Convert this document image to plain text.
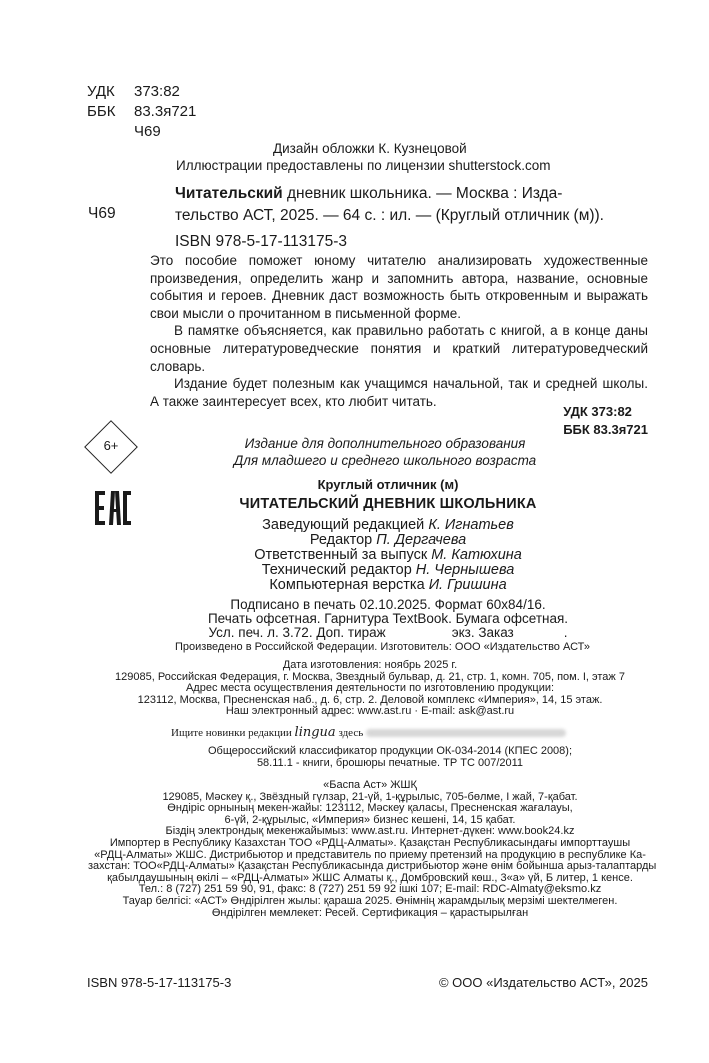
УДК 373:82
ББК 83.3я721
Ч69
Дизайн обложки К. Кузнецовой
Иллюстрации предоставлены по лицензии shutterstock.com
Читательский дневник школьника. — Москва : Изда-
тельство АСТ, 2025. — 64 с. : ил. — (Круглый отличник (м)).
Ч69
ISBN 978-5-17-113175-3

Это пособие поможет юному читателю анализировать художественные произведения, определить жанр и запомнить автора, название, основные события и героев. Дневник даст возможность быть откровенным и выражать свои мысли о прочитанном в письменной форме.

В памятке объясняется, как правильно работать с книгой, а в конце даны основные литературоведческие понятия и краткий литературоведческий словарь.

Издание будет полезным как учащимся начальной, так и средней школы. А также заинтересует всех, кто любит читать.

УДК 373:82
ББК 83.3я721
6+	Издание для дополнительного образования
Для младшего и среднего школьного возраста
Круглый отличник (м)
ЧИТАТЕЛЬСКИЙ ДНЕВНИК ШКОЛЬНИКА
Заведующий редакцией К. Игнатьев
Редактор П. Дергачева
Ответственный за выпуск М. Катюхина
Технический редактор Н. Чернышева
Компьютерная верстка И. Гришина
Подписано в печать 02.10.2025. Формат 60x84/16.
Печать офсетная. Гарнитура TextBook. Бумага офсетная.
Усл. печ. л. 3.72. Доп. тираж	экз. Заказ	.
Произведено в Российской Федерации. Изготовитель: ООО «Издательство АСТ»
Дата изготовления: ноябрь 2025 г.
129085, Российская Федерация, г. Москва, Звездный бульвар, д. 21, стр. 1, комн. 705, пом. I, этаж 7
Адрес места осуществления деятельности по изготовлению продукции:
123112, Москва, Пресненская наб., д. 6, стр. 2. Деловой комплекс «Империя», 14, 15 этаж.
Наш электронный адрес: www.ast.ru · E-mail: ask@ast.ru
Ищите новинки редакции lingua здесь
Общероссийский классификатор продукции ОК-034-2014 (КПЕС 2008);
58.11.1 - книги, брошюры печатные. ТР ТС 007/2011
«Баспа Аст» ЖШҚ
129085, Мәскеу қ., Звёздный гүлзар, 21-үй, 1-құрылыс, 705-бөлме, I жай, 7-қабат.
Өндіріс орнының мекен-жайы: 123112, Мәскеу қаласы, Пресненская жағалауы,
6-үй, 2-құрылыс, «Империя» бизнес кешені, 14, 15 қабат.
Біздің электрондық мекенжайымыз: www.ast.ru. Интернет-дүкен: www.book24.kz
Импортер в Республику Казахстан ТОО «РДЦ-Алматы». Қазақстан Республикасындағы импорттаушы
«РДЦ-Алматы» ЖШС. Дистрибьютор и представитель по приему претензий на продукцию в республике Ка-
захстан: ТОО«РДЦ-Алматы» Қазақстан Республикасында дистрибьютор және өнім бойынша арыз-талаптарды
қабылдаушының өкілі – «РДЦ-Алматы» ЖШС Алматы қ., Домбровский көш., 3«а» үй, Б литер, 1 кенсе.
Тел.: 8 (727) 251 59 90, 91, факс: 8 (727) 251 59 92 ішкі 107; E-mail: RDC-Almaty@eksmo.kz
Тауар белгісі: «АСТ» Өндірілген жылы: қараша 2025. Өнімнің жарамдылық мерзімі шектелмеген.
Өндірілген мемлекет: Ресей. Сертификация – қарастырылған
ISBN 978-5-17-113175-3	© ООО «Издательство АСТ», 2025
